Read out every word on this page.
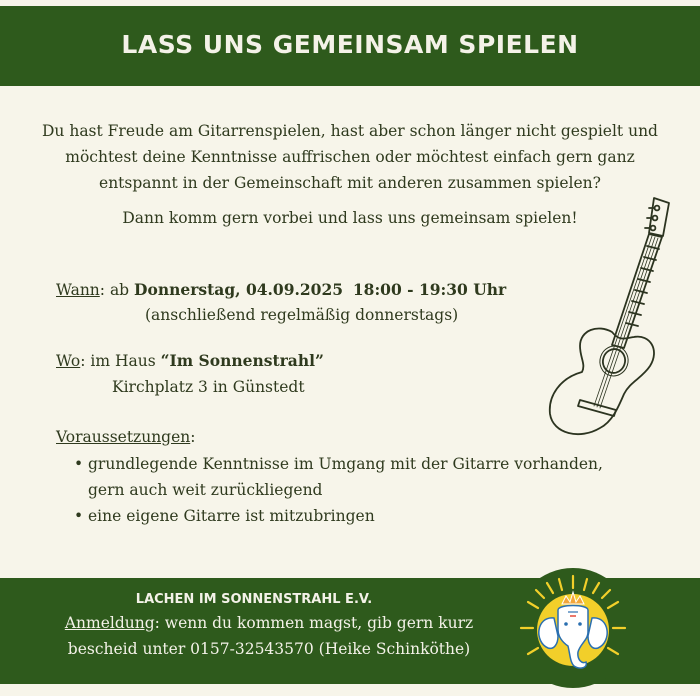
LASS UNS GEMEINSAM SPIELEN
Du hast Freude am Gitarrenspielen, hast aber schon länger nicht gespielt und
möchtest deine Kenntnisse auffrischen oder möchtest einfach gern ganz
entspannt in der Gemeinschaft mit anderen zusammen spielen?
Dann komm gern vorbei und lass uns gemeinsam spielen!
Wann: ab Donnerstag, 04.09.2025 18:00 - 19:30 Uhr
(anschließend regelmäßig donnerstags)
Wo: im Haus “Im Sonnenstrahl”
Kirchplatz 3 in Günstedt
Voraussetzungen:
• grundlegende Kenntnisse im Umgang mit der Gitarre vorhanden,
gern auch weit zurückliegend
• eine eigene Gitarre ist mitzubringen
LACHEN IM SONNENSTRAHL E.V.
Anmeldung: wenn du kommen magst, gib gern kurz
bescheid unter 0157-32543570 (Heike Schinköthe)
